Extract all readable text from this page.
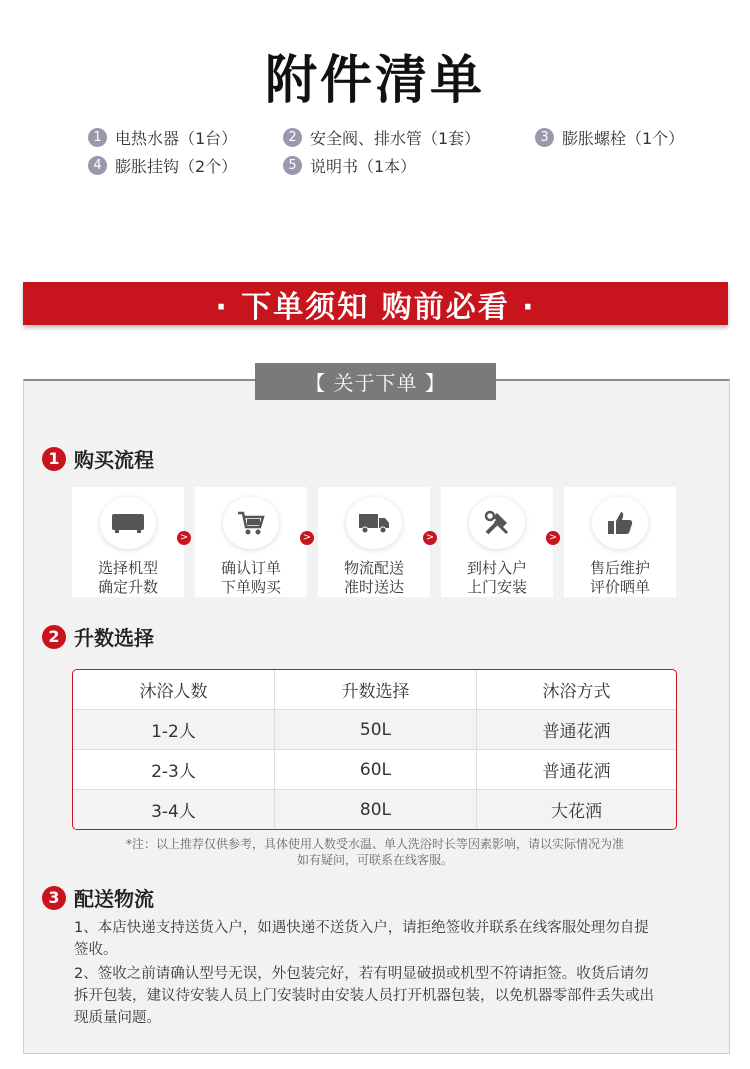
附件清单
1 电热水器（1台）	2 安全阀、排水管（1套）	3 膨胀螺栓（1个）
4 膨胀挂钩（2个）	5 说明书（1本）
· 下单须知 购前必看 ·
【 关于下单 】
1 购买流程
选择机型
确定升数
>
确认订单
下单购买
>
物流配送
准时送达
>
到村入户
上门安装
>
售后维护
评价晒单
2 升数选择
沐浴人数	升数选择	沐浴方式
1-2人	50L	普通花洒
2-3人	60L	普通花洒
3-4人	80L	大花洒
*注：以上推荐仅供参考，具体使用人数受水温、单人洗浴时长等因素影响，请以实际情况为准
如有疑问，可联系在线客服。
3 配送物流
1、本店快递支持送货入户，如遇快递不送货入户，请拒绝签收并联系在线客服处理勿自提签收。
2、签收之前请确认型号无误，外包装完好，若有明显破损或机型不符请拒签。收货后请勿拆开包装，建议待安装人员上门安装时由安装人员打开机器包装，以免机器零部件丢失或出现质量问题。
